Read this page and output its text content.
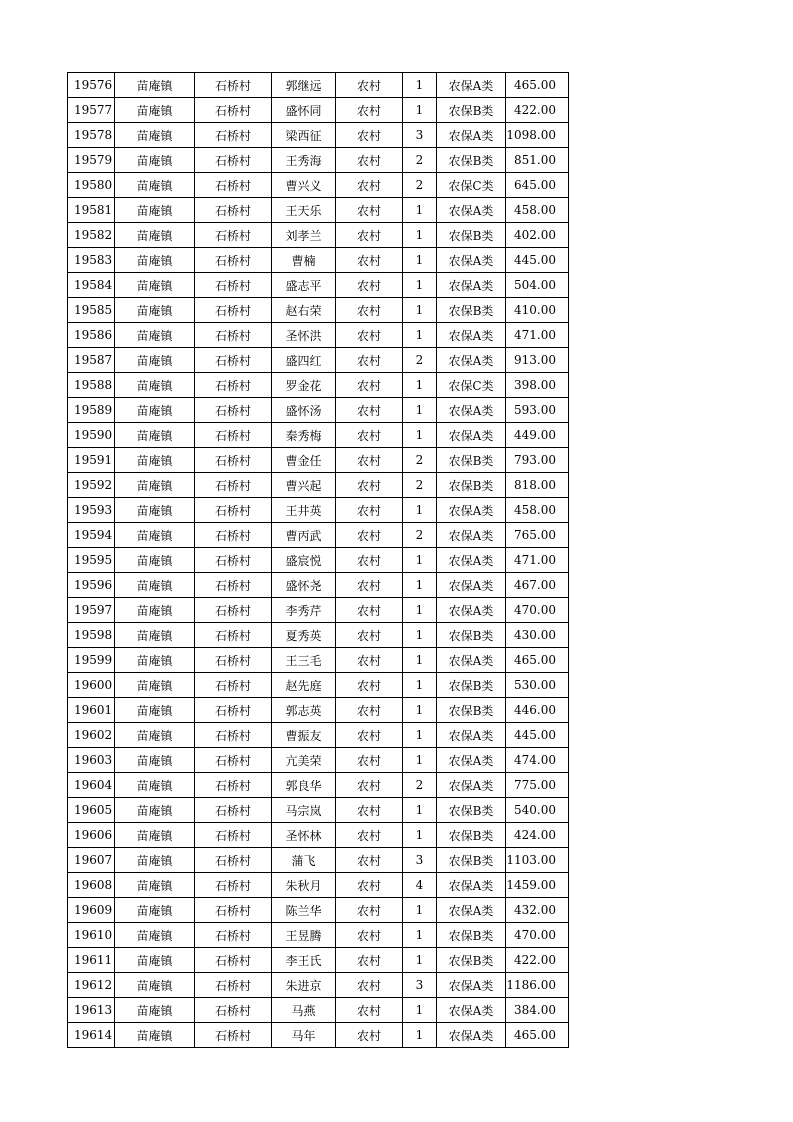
19576	苗庵镇	石桥村	郭继远	农村	1	农保A类	465.00
19577	苗庵镇	石桥村	盛怀同	农村	1	农保B类	422.00
19578	苗庵镇	石桥村	梁西征	农村	3	农保A类	1098.00
19579	苗庵镇	石桥村	王秀海	农村	2	农保B类	851.00
19580	苗庵镇	石桥村	曹兴义	农村	2	农保C类	645.00
19581	苗庵镇	石桥村	王天乐	农村	1	农保A类	458.00
19582	苗庵镇	石桥村	刘孝兰	农村	1	农保B类	402.00
19583	苗庵镇	石桥村	曹楠	农村	1	农保A类	445.00
19584	苗庵镇	石桥村	盛志平	农村	1	农保A类	504.00
19585	苗庵镇	石桥村	赵右荣	农村	1	农保B类	410.00
19586	苗庵镇	石桥村	圣怀洪	农村	1	农保A类	471.00
19587	苗庵镇	石桥村	盛四红	农村	2	农保A类	913.00
19588	苗庵镇	石桥村	罗金花	农村	1	农保C类	398.00
19589	苗庵镇	石桥村	盛怀汤	农村	1	农保A类	593.00
19590	苗庵镇	石桥村	秦秀梅	农村	1	农保A类	449.00
19591	苗庵镇	石桥村	曹金任	农村	2	农保B类	793.00
19592	苗庵镇	石桥村	曹兴起	农村	2	农保B类	818.00
19593	苗庵镇	石桥村	王井英	农村	1	农保A类	458.00
19594	苗庵镇	石桥村	曹丙武	农村	2	农保A类	765.00
19595	苗庵镇	石桥村	盛宸悦	农村	1	农保A类	471.00
19596	苗庵镇	石桥村	盛怀尧	农村	1	农保A类	467.00
19597	苗庵镇	石桥村	李秀芹	农村	1	农保A类	470.00
19598	苗庵镇	石桥村	夏秀英	农村	1	农保B类	430.00
19599	苗庵镇	石桥村	王三毛	农村	1	农保A类	465.00
19600	苗庵镇	石桥村	赵先庭	农村	1	农保B类	530.00
19601	苗庵镇	石桥村	郭志英	农村	1	农保B类	446.00
19602	苗庵镇	石桥村	曹振友	农村	1	农保A类	445.00
19603	苗庵镇	石桥村	亢美荣	农村	1	农保A类	474.00
19604	苗庵镇	石桥村	郭良华	农村	2	农保A类	775.00
19605	苗庵镇	石桥村	马宗岚	农村	1	农保B类	540.00
19606	苗庵镇	石桥村	圣怀林	农村	1	农保B类	424.00
19607	苗庵镇	石桥村	蒲飞	农村	3	农保B类	1103.00
19608	苗庵镇	石桥村	朱秋月	农村	4	农保A类	1459.00
19609	苗庵镇	石桥村	陈兰华	农村	1	农保A类	432.00
19610	苗庵镇	石桥村	王昱腾	农村	1	农保B类	470.00
19611	苗庵镇	石桥村	李王氏	农村	1	农保B类	422.00
19612	苗庵镇	石桥村	朱进京	农村	3	农保A类	1186.00
19613	苗庵镇	石桥村	马燕	农村	1	农保A类	384.00
19614	苗庵镇	石桥村	马年	农村	1	农保A类	465.00
